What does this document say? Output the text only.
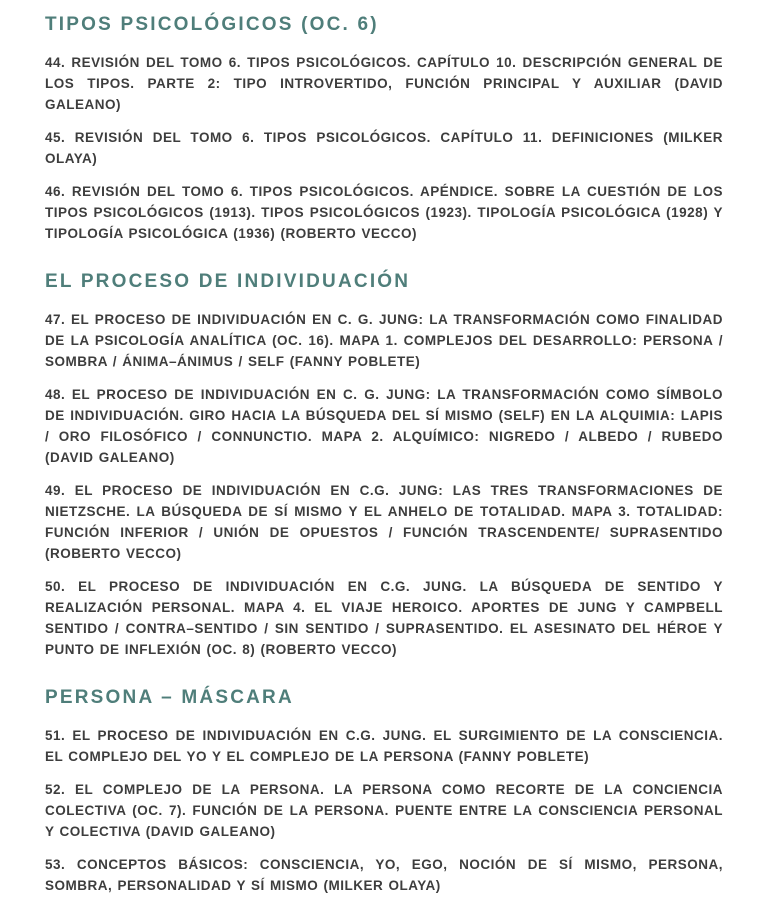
TIPOS PSICOLÓGICOS (OC. 6)

44. REVISIÓN DEL TOMO 6. TIPOS PSICOLÓGICOS. CAPÍTULO 10. DESCRIPCIÓN GENERAL DE LOS TIPOS. PARTE 2: TIPO INTROVERTIDO, FUNCIÓN PRINCIPAL Y AUXILIAR (DAVID GALEANO)

45. REVISIÓN DEL TOMO 6. TIPOS PSICOLÓGICOS. CAPÍTULO 11. DEFINICIONES (MILKER OLAYA)

46. REVISIÓN DEL TOMO 6. TIPOS PSICOLÓGICOS. APÉNDICE. SOBRE LA CUESTIÓN DE LOS TIPOS PSICOLÓGICOS (1913). TIPOS PSICOLÓGICOS (1923). TIPOLOGÍA PSICOLÓGICA (1928) Y TIPOLOGÍA PSICOLÓGICA (1936) (ROBERTO VECCO)

EL PROCESO DE INDIVIDUACIÓN

47. EL PROCESO DE INDIVIDUACIÓN EN C. G. JUNG: LA TRANSFORMACIÓN COMO FINALIDAD DE LA PSICOLOGÍA ANALÍTICA (OC. 16). MAPA 1. COMPLEJOS DEL DESARROLLO: PERSONA / SOMBRA / ÁNIMA–ÁNIMUS / SELF (FANNY POBLETE)

48. EL PROCESO DE INDIVIDUACIÓN EN C. G. JUNG: LA TRANSFORMACIÓN COMO SÍMBOLO DE INDIVIDUACIÓN. GIRO HACIA LA BÚSQUEDA DEL SÍ MISMO (SELF) EN LA ALQUIMIA: LAPIS / ORO FILOSÓFICO / CONNUNCTIO. MAPA 2. ALQUÍMICO: NIGREDO / ALBEDO / RUBEDO (DAVID GALEANO)

49. EL PROCESO DE INDIVIDUACIÓN EN C.G. JUNG: LAS TRES TRANSFORMACIONES DE NIETZSCHE. LA BÚSQUEDA DE SÍ MISMO Y EL ANHELO DE TOTALIDAD. MAPA 3. TOTALIDAD: FUNCIÓN INFERIOR / UNIÓN DE OPUESTOS / FUNCIÓN TRASCENDENTE/ SUPRASENTIDO (ROBERTO VECCO)

50. EL PROCESO DE INDIVIDUACIÓN EN C.G. JUNG. LA BÚSQUEDA DE SENTIDO Y REALIZACIÓN PERSONAL. MAPA 4. EL VIAJE HEROICO. APORTES DE JUNG Y CAMPBELL SENTIDO / CONTRA–SENTIDO / SIN SENTIDO / SUPRASENTIDO. EL ASESINATO DEL HÉROE Y PUNTO DE INFLEXIÓN (OC. 8) (ROBERTO VECCO)

PERSONA – MÁSCARA

51. EL PROCESO DE INDIVIDUACIÓN EN C.G. JUNG. EL SURGIMIENTO DE LA CONSCIENCIA. EL COMPLEJO DEL YO Y EL COMPLEJO DE LA PERSONA (FANNY POBLETE)

52. EL COMPLEJO DE LA PERSONA. LA PERSONA COMO RECORTE DE LA CONCIENCIA COLECTIVA (OC. 7). FUNCIÓN DE LA PERSONA. PUENTE ENTRE LA CONSCIENCIA PERSONAL Y COLECTIVA (DAVID GALEANO)

53. CONCEPTOS BÁSICOS: CONSCIENCIA, YO, EGO, NOCIÓN DE SÍ MISMO, PERSONA, SOMBRA, PERSONALIDAD Y SÍ MISMO (MILKER OLAYA)
